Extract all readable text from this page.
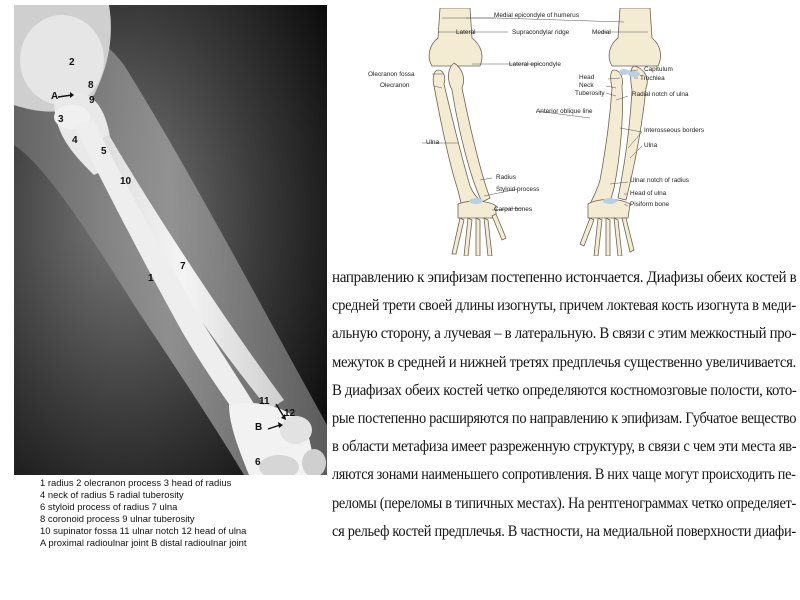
2
8
A	9
3
4
5
10
1
7
11
12
B
6
1 radius 2 olecranon process 3 head of radius
4 neck of radius 5 radial tuberosity
6 styloid process of radius 7 ulna
8 coronoid process 9 ulnar tuberosity
10 supinator fossa 11 ulnar notch 12 head of ulna
A proximal radioulnar joint B distal radioulnar joint
Medial epicondyle of humerus
Lateral	Supracondylar ridge	Medial
Lateral epicondyle
Olecranon fossa
Olecranon
Capitulum
Trochlea
Head
Neck
Tuberosity	Radial notch of ulna
Anterior oblique line
Interosseous borders
Ulna	Ulna
Radius
Styloid process
Carpal bones
Ulnar notch of radius
Head of ulna
Pisiform bone
направлению к эпифизам постепенно истончается. Диафизы обеих костей в
средней трети своей длины изогнуты, причем локтевая кость изогнута в меди-
альную сторону, а лучевая – в латеральную. В связи с этим межкостный про-
межуток в средней и нижней третях предплечья существенно увеличивается.
В диафизах обеих костей четко определяются костномозговые полости, кото-
рые постепенно расширяются по направлению к эпифизам. Губчатое вещество
в области метафиза имеет разреженную структуру, в связи с чем эти места яв-
ляются зонами наименьшего сопротивления. В них чаще могут происходить пе-
реломы (переломы в типичных местах). На рентгенограммах четко определяет-
ся рельеф костей предплечья. В частности, на медиальной поверхности диафи-
